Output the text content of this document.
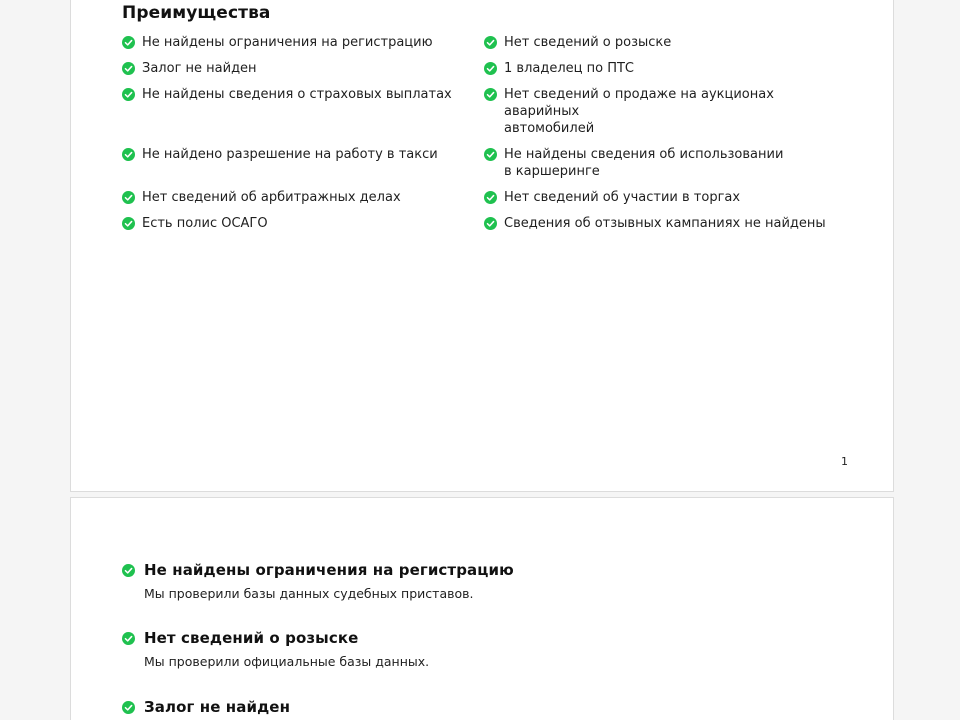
Преимущества
Не найдены ограничения на регистрацию	Нет сведений о розыске
Залог не найден	1 владелец по ПТС
Не найдены сведения о страховых выплатах	Нет сведений о продаже на аукционах аварийных
автомобилей
Не найдено разрешение на работу в такси	Не найдены сведения об использовании
в каршеринге
Нет сведений об арбитражных делах	Нет сведений об участии в торгах
Есть полис ОСАГО	Сведения об отзывных кампаниях не найдены
1
Не найдены ограничения на регистрацию
Мы проверили базы данных судебных приставов.
Нет сведений о розыске
Мы проверили официальные базы данных.
Залог не найден
